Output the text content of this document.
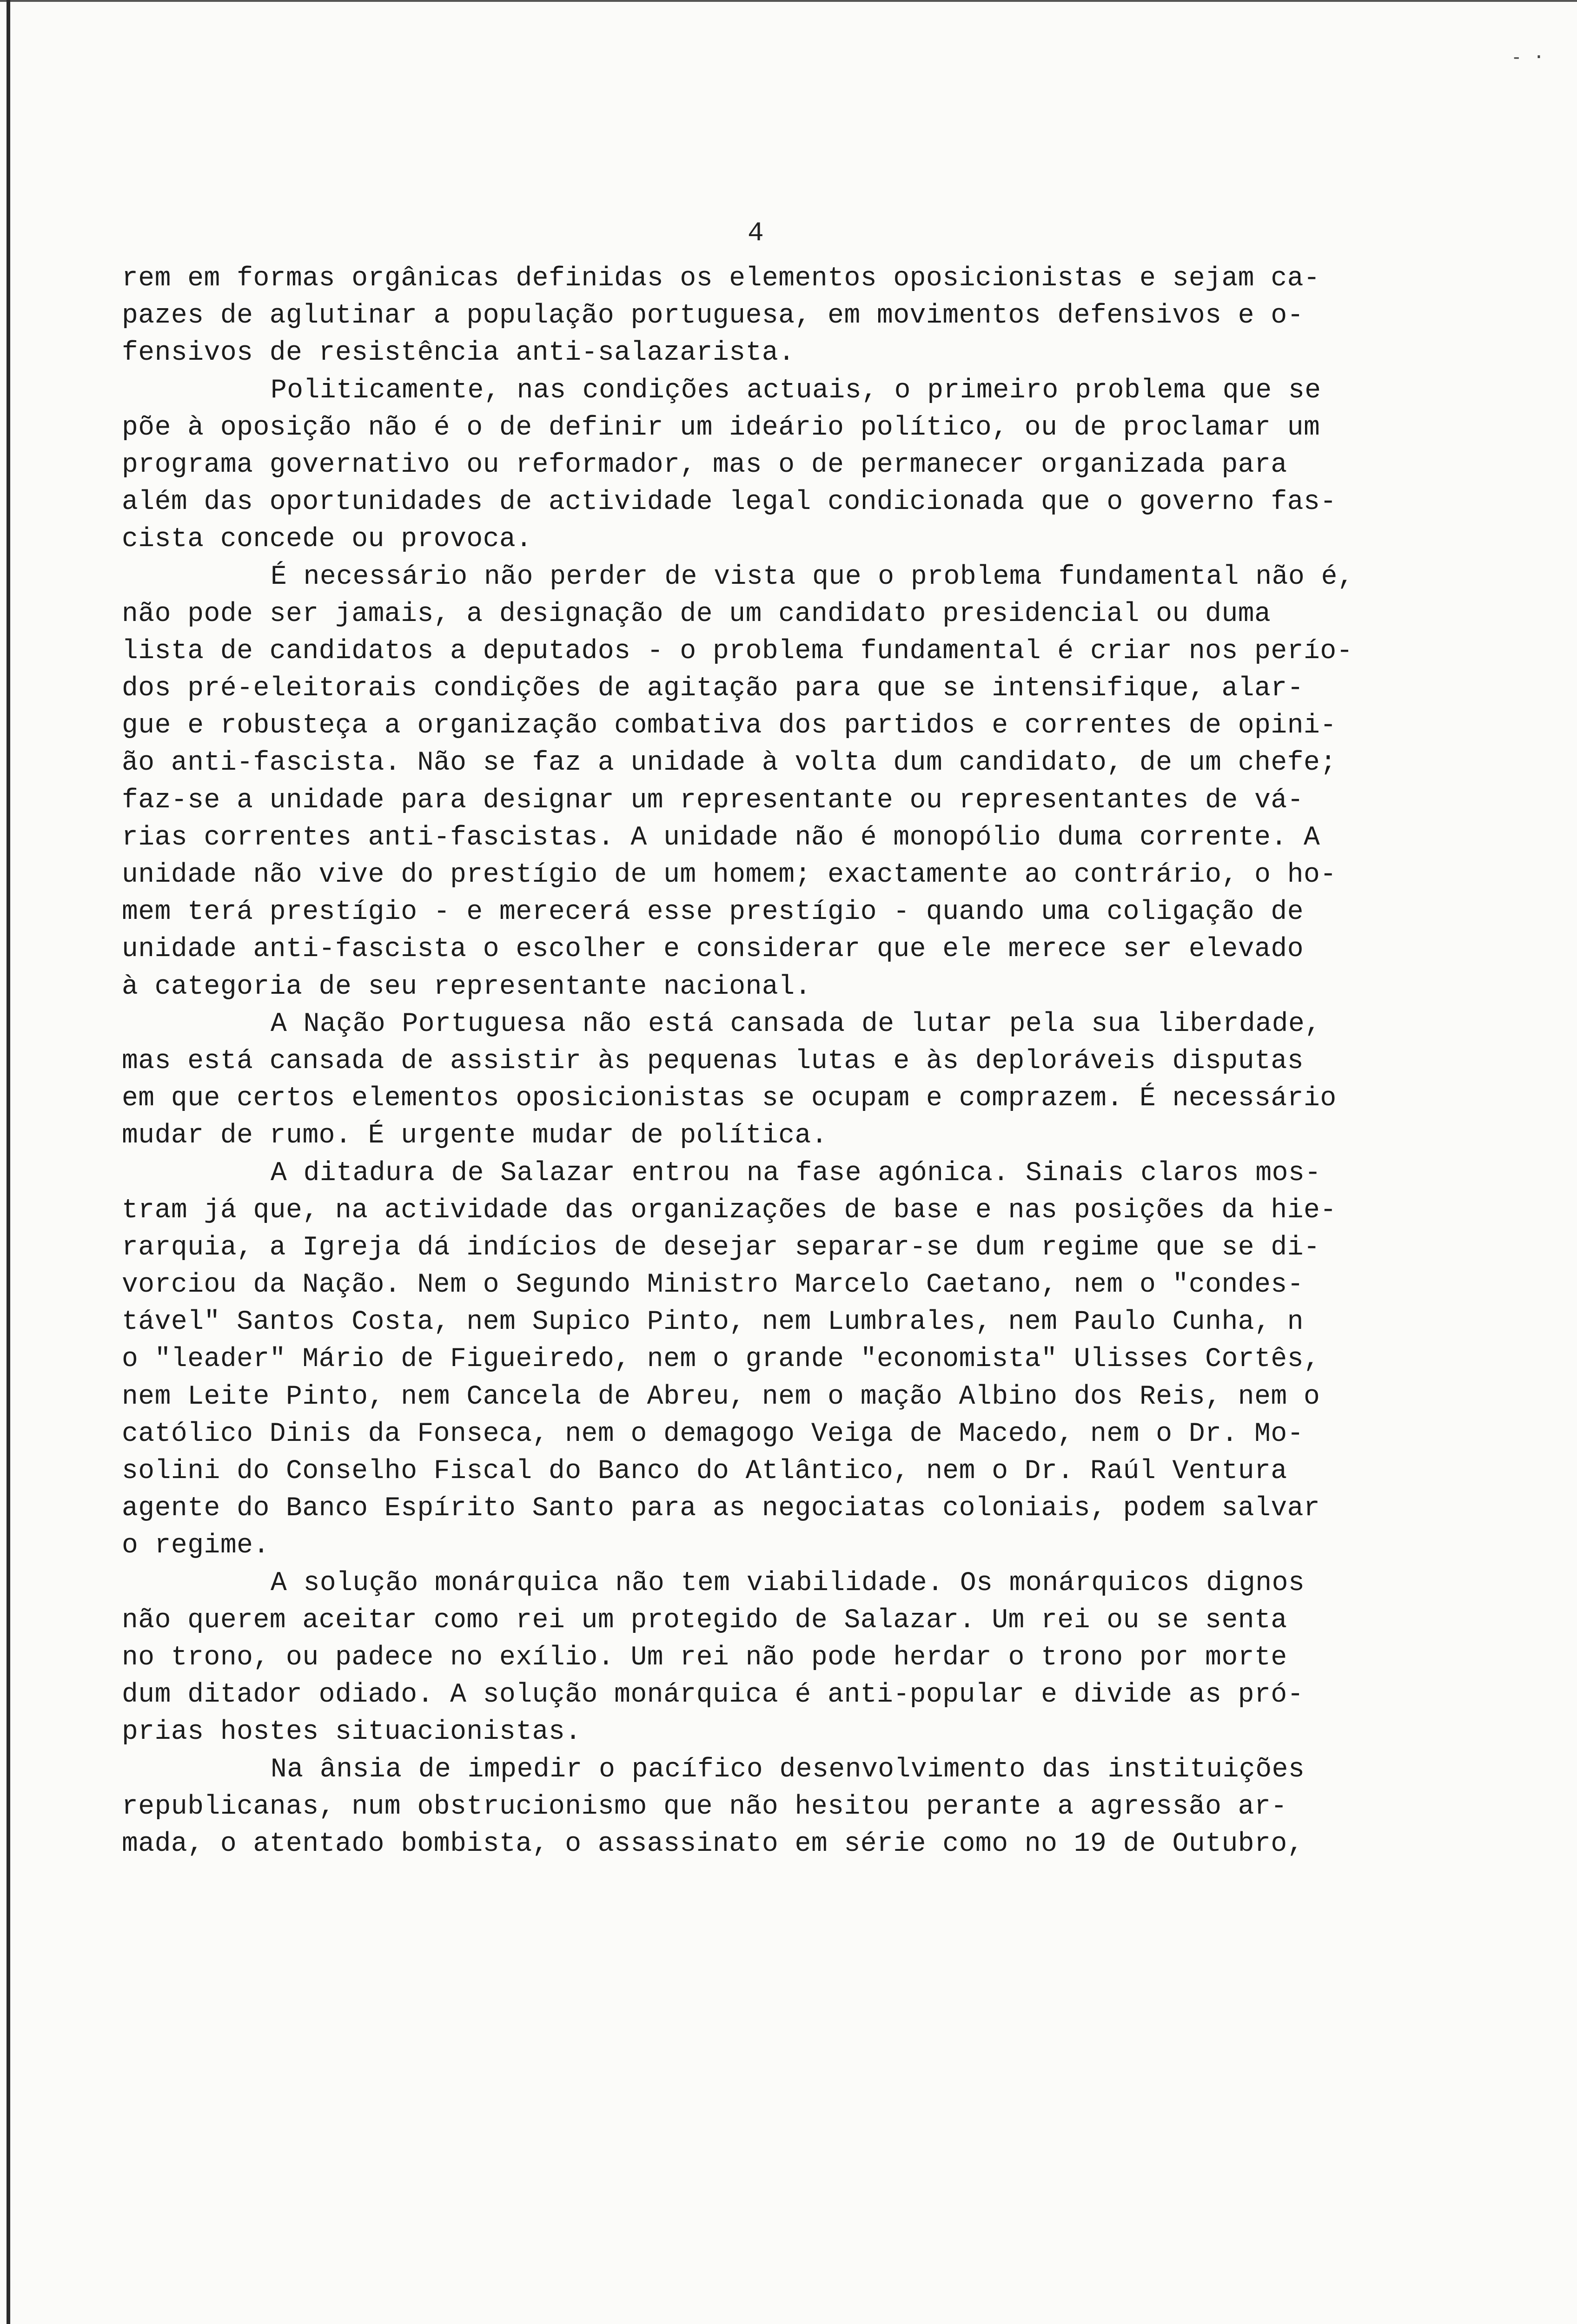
- ·
4
rem em formas orgânicas definidas os elementos oposicionistas e sejam ca-
pazes de aglutinar a população portuguesa, em movimentos defensivos e o-
fensivos de resistência anti-salazarista.
Politicamente, nas condições actuais, o primeiro problema que se
põe à oposição não é o de definir um ideário político, ou de proclamar um
programa governativo ou reformador, mas o de permanecer organizada para
além das oportunidades de actividade legal condicionada que o governo fas-
cista concede ou provoca.
É necessário não perder de vista que o problema fundamental não é,
não pode ser jamais, a designação de um candidato presidencial ou duma
lista de candidatos a deputados - o problema fundamental é criar nos perío-
dos pré-eleitorais condições de agitação para que se intensifique, alar-
gue e robusteça a organização combativa dos partidos e correntes de opini-
ão anti-fascista. Não se faz a unidade à volta dum candidato, de um chefe;
faz-se a unidade para designar um representante ou representantes de vá-
rias correntes anti-fascistas. A unidade não é monopólio duma corrente. A
unidade não vive do prestígio de um homem; exactamente ao contrário, o ho-
mem terá prestígio - e merecerá esse prestígio - quando uma coligação de
unidade anti-fascista o escolher e considerar que ele merece ser elevado
à categoria de seu representante nacional.
A Nação Portuguesa não está cansada de lutar pela sua liberdade,
mas está cansada de assistir às pequenas lutas e às deploráveis disputas
em que certos elementos oposicionistas se ocupam e comprazem. É necessário
mudar de rumo. É urgente mudar de política.
A ditadura de Salazar entrou na fase agónica. Sinais claros mos-
tram já que, na actividade das organizações de base e nas posições da hie-
rarquia, a Igreja dá indícios de desejar separar-se dum regime que se di-
vorciou da Nação. Nem o Segundo Ministro Marcelo Caetano, nem o "condes-
tável" Santos Costa, nem Supico Pinto, nem Lumbrales, nem Paulo Cunha, n
o "leader" Mário de Figueiredo, nem o grande "economista" Ulisses Cortês,
nem Leite Pinto, nem Cancela de Abreu, nem o mação Albino dos Reis, nem o
católico Dinis da Fonseca, nem o demagogo Veiga de Macedo, nem o Dr. Mo-
solini do Conselho Fiscal do Banco do Atlântico, nem o Dr. Raúl Ventura
agente do Banco Espírito Santo para as negociatas coloniais, podem salvar
o regime.
A solução monárquica não tem viabilidade. Os monárquicos dignos
não querem aceitar como rei um protegido de Salazar. Um rei ou se senta
no trono, ou padece no exílio. Um rei não pode herdar o trono por morte
dum ditador odiado. A solução monárquica é anti-popular e divide as pró-
prias hostes situacionistas.
Na ânsia de impedir o pacífico desenvolvimento das instituições
republicanas, num obstrucionismo que não hesitou perante a agressão ar-
mada, o atentado bombista, o assassinato em série como no 19 de Outubro,
